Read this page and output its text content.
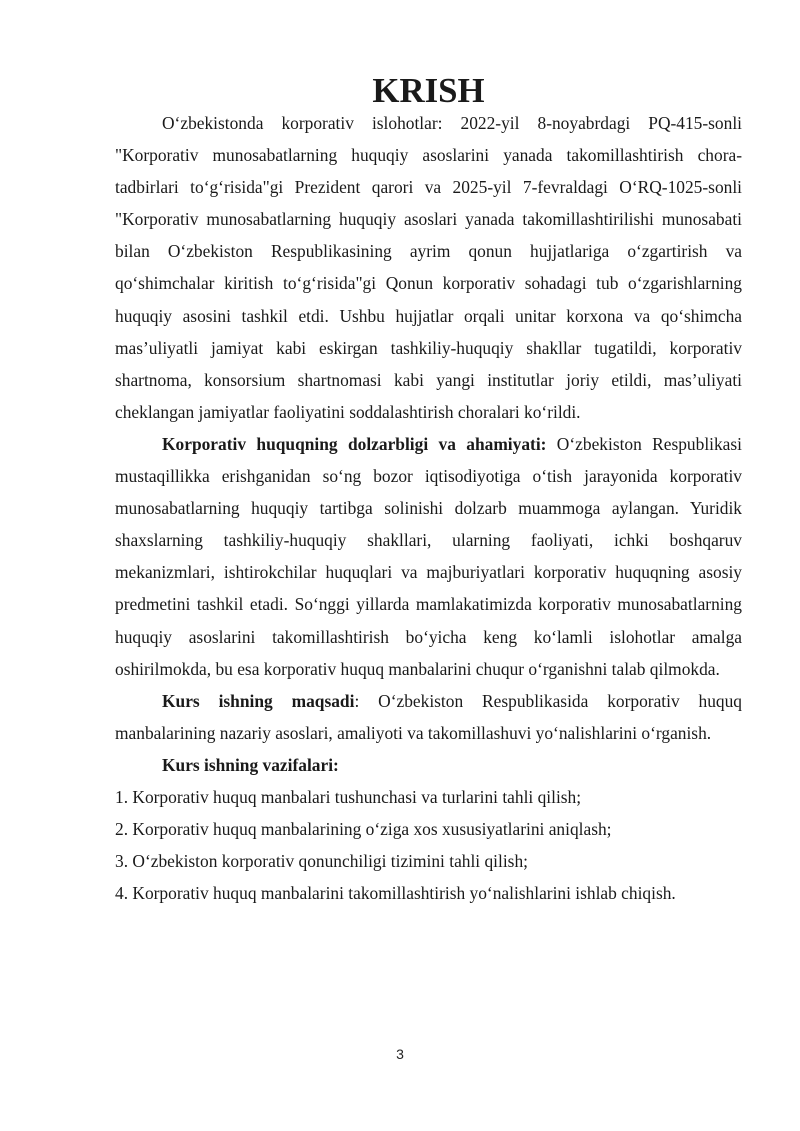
KRISH

O‘zbekistonda korporativ islohotlar: 2022-yil 8-noyabrdagi PQ-415-sonli "Korporativ munosabatlarning huquqiy asoslarini yanada takomillashtirish chora-tadbirlari to‘g‘risida"gi Prezident qarori va 2025-yil 7-fevraldagi O‘RQ-1025-sonli "Korporativ munosabatlarning huquqiy asoslari yanada takomillashtirilishi munosabati bilan O‘zbekiston Respublikasining ayrim qonun hujjatlariga o‘zgartirish va qo‘shimchalar kiritish to‘g‘risida"gi Qonun korporativ sohadagi tub o‘zgarishlarning huquqiy asosini tashkil etdi. Ushbu hujjatlar orqali unitar korxona va qo‘shimcha mas’uliyatli jamiyat kabi eskirgan tashkiliy-huquqiy shakllar tugatildi, korporativ shartnoma, konsorsium shartnomasi kabi yangi institutlar joriy etildi, mas’uliyati cheklangan jamiyatlar faoliyatini soddalashtirish choralari ko‘rildi.

Korporativ huquqning dolzarbligi va ahamiyati: O‘zbekiston Respublikasi mustaqillikka erishganidan so‘ng bozor iqtisodiyotiga o‘tish jarayonida korporativ munosabatlarning huquqiy tartibga solinishi dolzarb muammoga aylangan. Yuridik shaxslarning tashkiliy-huquqiy shakllari, ularning faoliyati, ichki boshqaruv mekanizmlari, ishtirokchilar huquqlari va majburiyatlari korporativ huquqning asosiy predmetini tashkil etadi. So‘nggi yillarda mamlakatimizda korporativ munosabatlarning huquqiy asoslarini takomillashtirish bo‘yicha keng ko‘lamli islohotlar amalga oshirilmokda, bu esa korporativ huquq manbalarini chuqur o‘rganishni talab qilmokda.

Kurs ishning maqsadi: O‘zbekiston Respublikasida korporativ huquq manbalarining nazariy asoslari, amaliyoti va takomillashuvi yo‘nalishlarini o‘rganish.

Kurs ishning vazifalari:

1. Korporativ huquq manbalari tushunchasi va turlarini tahli qilish;
2. Korporativ huquq manbalarining o‘ziga xos xususiyatlarini aniqlash;
3. O‘zbekiston korporativ qonunchiligi tizimini tahli qilish;
4. Korporativ huquq manbalarini takomillashtirish yo‘nalishlarini ishlab chiqish.
3
